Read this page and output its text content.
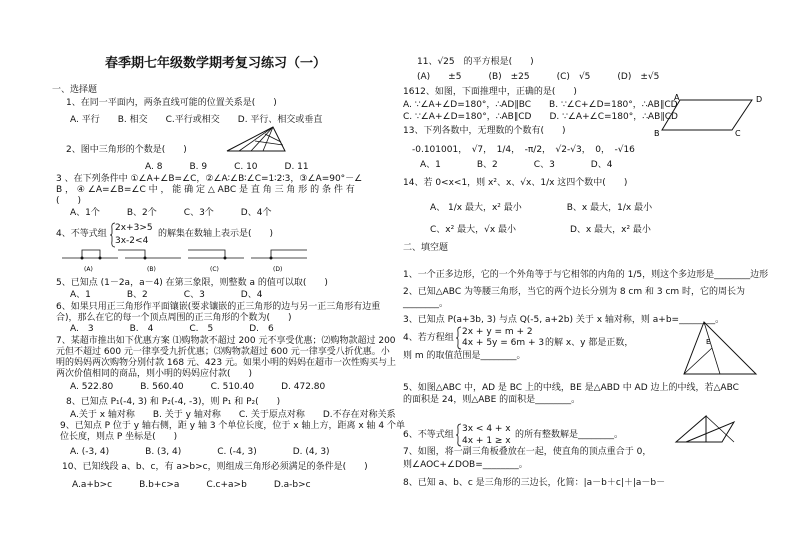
春季期七年级数学期考复习练习（一）
一、选择题
1、在同一平面内，两条直线可能的位置关系是(　　)
A. 平行　　B. 相交　　C.平行或相交　　D. 平行、相交或垂直
2、图中三角形的个数是(　　)
A. 8　　　B. 9　　　C. 10　　　D. 11
3 、在下列条件中 ①∠A+∠B=∠C，②∠A∶∠B∶∠C=1∶2∶3，③∠A=90°－∠
B ， ④ ∠A=∠B=∠C 中 ， 能 确 定 △ ABC 是 直 角 三 角 形 的 条 件 有
(　　)
A、1个　　　B、2个　　　C、3个　　　D、4个
4、不等式组
2x+3>5
3x-2<4
的解集在数轴上表示是(　　)
5、已知点 (1－2a，a－4) 在第三象限，则整数 a 的值可以取(　　)
A、1　　　　B、2　　　　C、3　　　　D、4
6、如果只用正三角形作平面镶嵌(要求镶嵌的正三角形的边与另一正三角形有边重
合)，那么在它的每一个顶点周围的正三角形的个数为(　　)
A.　3　　　　B.　4　　　　C.　5　　　　D.　6
7、某超市推出如下优惠方案 ⑴购物款不超过 200 元不享受优惠；⑵购物款超过 200
元但不超过 600 元一律享受九折优惠；⑶购物款超过 600 元一律享受八折优惠。小
明的妈妈两次购物分别付款 168 元、423 元。如果小明的妈妈在超市一次性购买与上
两次价值相同的商品，则小明的妈妈应付款(　　)
A. 522.80　　　B. 560.40　　　C. 510.40　　　D. 472.80
8、已知点 P₁(-4, 3) 和 P₂(-4, -3)，则 P₁ 和 P₂(　　)
A.关于 x 轴对称　　B. 关于 y 轴对称　　C. 关于原点对称　　D.不存在对称关系
9、已知点 P 位于 y 轴右侧，距 y 轴 3 个单位长度，位于 x 轴上方，距离 x 轴 4 个单
位长度，则点 P 坐标是(　　)
A. (-3, 4)　　　　B. (3, 4)　　　　C. (-4, 3)　　　　D. (4, 3)
10、已知线段 a、b、c，有 a>b>c，则组成三角形必须满足的条件是(　　)
A.a+b>c　　　B.b+c>a　　　C.c+a>b　　　D.a-b>c
11、√25　的平方根是(　　)
(A)　　±5　　　(B)　±25　　　(C)　√5　　　(D)　±√5
1612、如图，下面推理中，正确的是(　　)
A. ∵∠A+∠D=180°，∴AD∥BC　　B. ∵∠C+∠D=180°，∴AB∥CD
C. ∵∠A+∠D=180°，∴AB∥CD　　D. ∵∠A+∠C=180°，∴AB∥CD
13、下列各数中，无理数的个数有(　　)
-0.101001，　√7，　1/4，　-π/2，　√2-√3，　0，　-√16
A、1　　　　B、2　　　　C、3　　　　D、4
14、若 0<x<1，则 x²、x、√x、1/x 这四个数中(　　)
A、 1/x 最大，x² 最小　　　　　B、x 最大，1/x 最小
C、x² 最大，√x 最小　　　　　　D、x 最大，x² 最小
二、填空题
1、一个正多边形，它的一个外角等于与它相邻的内角的 1/5，则这个多边形是________边形
2、已知△ABC 为等腰三角形，当它的两个边长分别为 8 cm 和 3 cm 时，它的周长为
________。
3、已知点 P(a+3b, 3) 与点 Q(-5, a+2b) 关于 x 轴对称，则 a+b=________。
4、若方程组
2x + y = m + 2
4x + 5y = 6m + 3 的解 x、y 都是正数，
则 m 的取值范围是________。
5、如图△ABC 中，AD 是 BC 上的中线，BE 是△ABD 中 AD 边上的中线，若△ABC
的面积是 24，则△ABE 的面积是________。
6、不等式组
3x < 4 + x
4x + 1 ≥ x
的所有整数解是________。
7、如图，将一副三角板叠放在一起，使直角的顶点重合于 0，
则∠AOC+∠DOB=________。
8、已知 a、b、c 是三角形的三边长，化简：|a－b＋c|＋|a－b－
(A)	(B)	(C)	(D)
A	D
B	C
E
